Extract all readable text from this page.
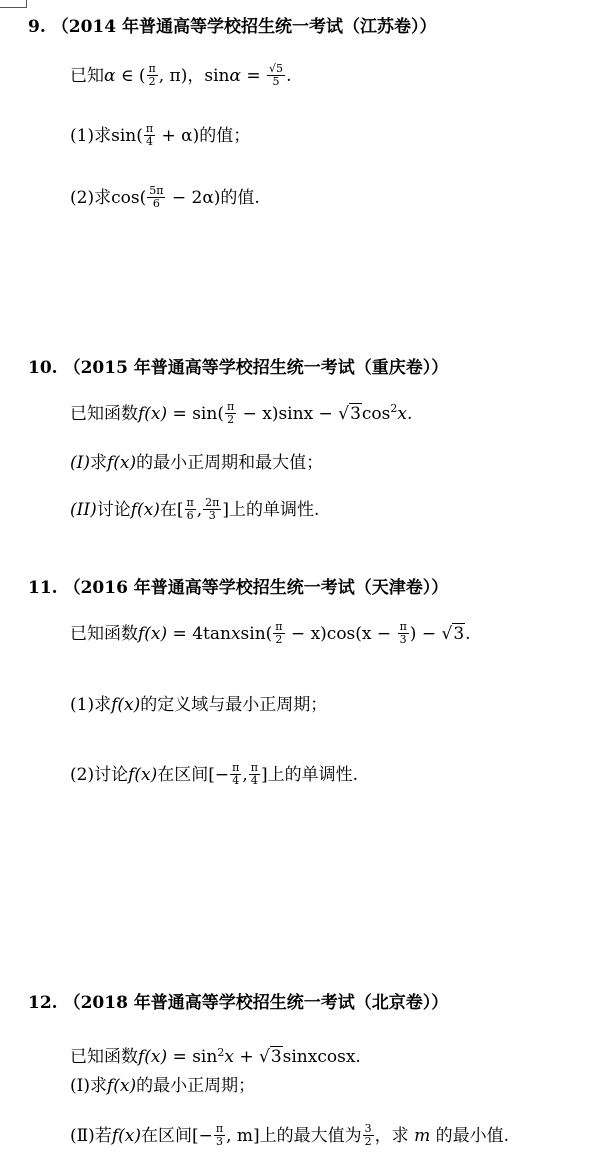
9. （2014 年普通高等学校招生统一考试（江苏卷））
已知α ∈ ( $\frac{\pi}{2}$ , π)，$\sin\alpha = \frac{√5}{5}$ .
(1)求$\sin( \frac{\pi}{4} + \alpha)$的值；
(2)求$\cos( \frac{5\pi}{6} - 2\alpha)$的值.
10. （2015 年普通高等学校招生统一考试（重庆卷））
已知函数$f(x) = \sin( \frac{\pi}{2} - x)\sin x - √3\cos^2x$.
(I)求f(x)的最小正周期和最大值；
(II)讨论f(x)在[ $\frac{\pi}{6}$ , $\frac{2\pi}{3}$ ]上的单调性.
11. （2016 年普通高等学校招生统一考试（天津卷））
已知函数f(x) = 4tanxsin( $\frac{\pi}{2} - x)\cos(x - \frac{\pi}{3}$ ) − √3.
(1)求f(x)的定义域与最小正周期；
(2)讨论f(x)在区间[− $\frac{\pi}{4}$ , $\frac{\pi}{4}$ ]上的单调性.
12. （2018 年普通高等学校招生统一考试（北京卷））
已知函数$f(x) = \sin^2x$ + √3sinxcosx.
(Ⅰ)求f(x)的最小正周期；
(Ⅱ)若f(x)在区间[− $\frac{\pi}{3}$ , m]上的最大值为 $\frac{3}{2}$ ，求 m 的最小值.
